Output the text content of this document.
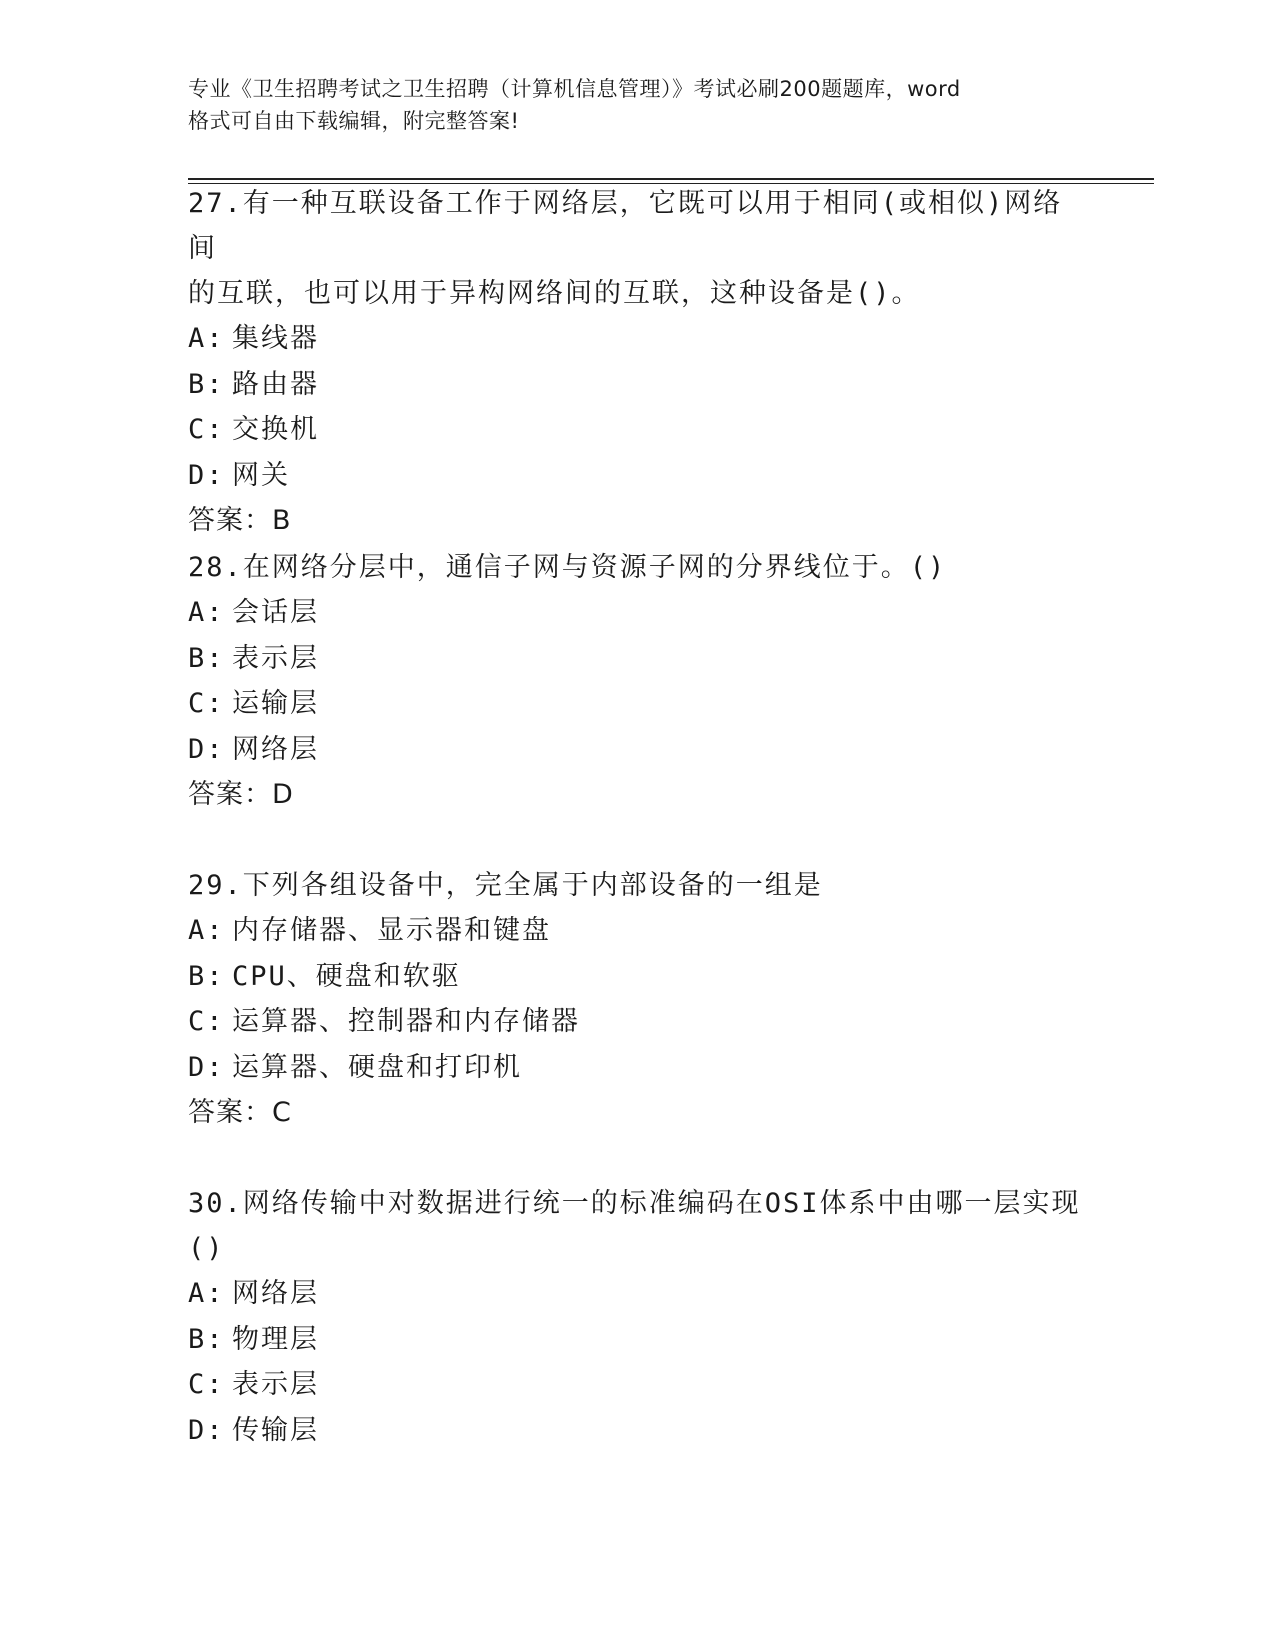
专业《卫生招聘考试之卫生招聘（计算机信息管理）》考试必刷200题题库，word
格式可自由下载编辑，附完整答案!

27.有一种互联设备工作于网络层，它既可以用于相同(或相似)网络间

的互联，也可以用于异构网络间的互联，这种设备是()。

A: 集线器

B: 路由器

C: 交换机

D: 网关

答案：B

28.在网络分层中，通信子网与资源子网的分界线位于。()

A: 会话层

B: 表示层

C: 运输层

D: 网络层

答案：D

29.下列各组设备中，完全属于内部设备的一组是

A: 内存储器、显示器和键盘

B: CPU、硬盘和软驱

C: 运算器、控制器和内存储器

D: 运算器、硬盘和打印机

答案：C

30.网络传输中对数据进行统一的标准编码在OSI体系中由哪一层实现

()

A: 网络层

B: 物理层

C: 表示层

D: 传输层
